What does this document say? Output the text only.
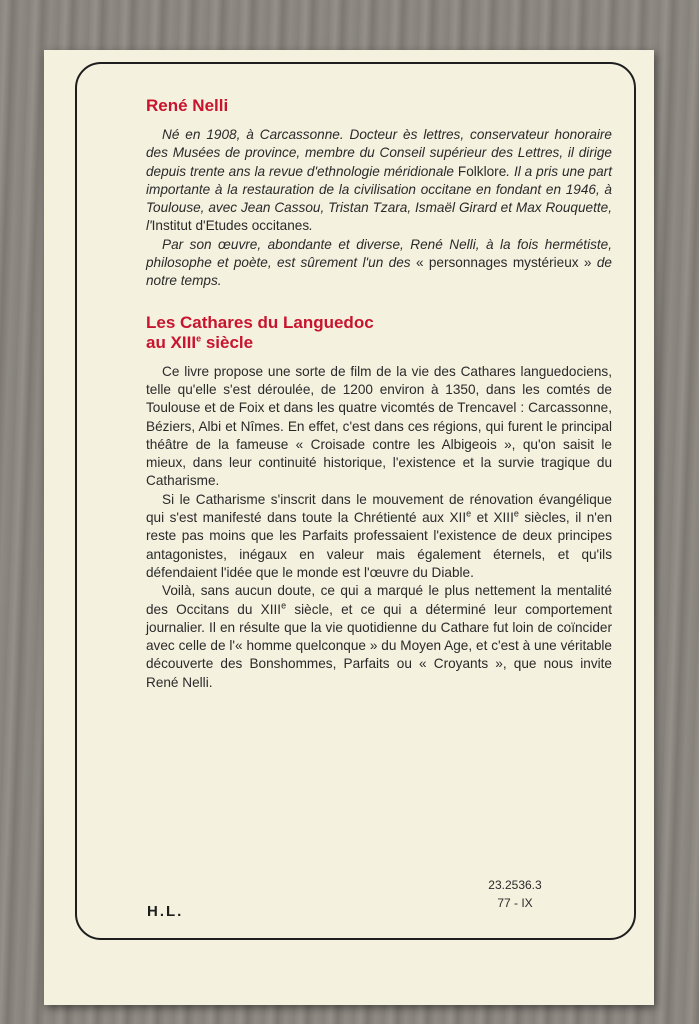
René Nelli

Né en 1908, à Carcassonne. Docteur ès lettres, conservateur honoraire des Musées de province, membre du Conseil supérieur des Lettres, il dirige depuis trente ans la revue d'ethnologie méridionale Folklore. Il a pris une part importante à la restauration de la civilisation occitane en fondant en 1946, à Toulouse, avec Jean Cassou, Tristan Tzara, Ismaël Girard et Max Rouquette, l'Institut d'Etudes occitanes.

Par son œuvre, abondante et diverse, René Nelli, à la fois hermétiste, philosophe et poète, est sûrement l'un des « personnages mystérieux » de notre temps.

Les Cathares du Languedoc
au XIIIe siècle

Ce livre propose une sorte de film de la vie des Cathares languedociens, telle qu'elle s'est déroulée, de 1200 environ à 1350, dans les comtés de Toulouse et de Foix et dans les quatre vicomtés de Trencavel : Carcassonne, Béziers, Albi et Nîmes. En effet, c'est dans ces régions, qui furent le principal théâtre de la fameuse « Croisade contre les Albigeois », qu'on saisit le mieux, dans leur continuité historique, l'existence et la survie tragique du Catharisme.

Si le Catharisme s'inscrit dans le mouvement de rénovation évangélique qui s'est manifesté dans toute la Chrétienté aux XIIe et XIIIe siècles, il n'en reste pas moins que les Parfaits professaient l'existence de deux principes antagonistes, inégaux en valeur mais également éternels, et qu'ils défendaient l'idée que le monde est l'œuvre du Diable.

Voilà, sans aucun doute, ce qui a marqué le plus nettement la mentalité des Occitans du XIIIe siècle, et ce qui a déterminé leur comportement journalier. Il en résulte que la vie quotidienne du Cathare fut loin de coïncider avec celle de l'« homme quelconque » du Moyen Age, et c'est à une véritable découverte des Bonshommes, Parfaits ou « Croyants », que nous invite René Nelli.

H.L.
23.2536.3
77 - IX
